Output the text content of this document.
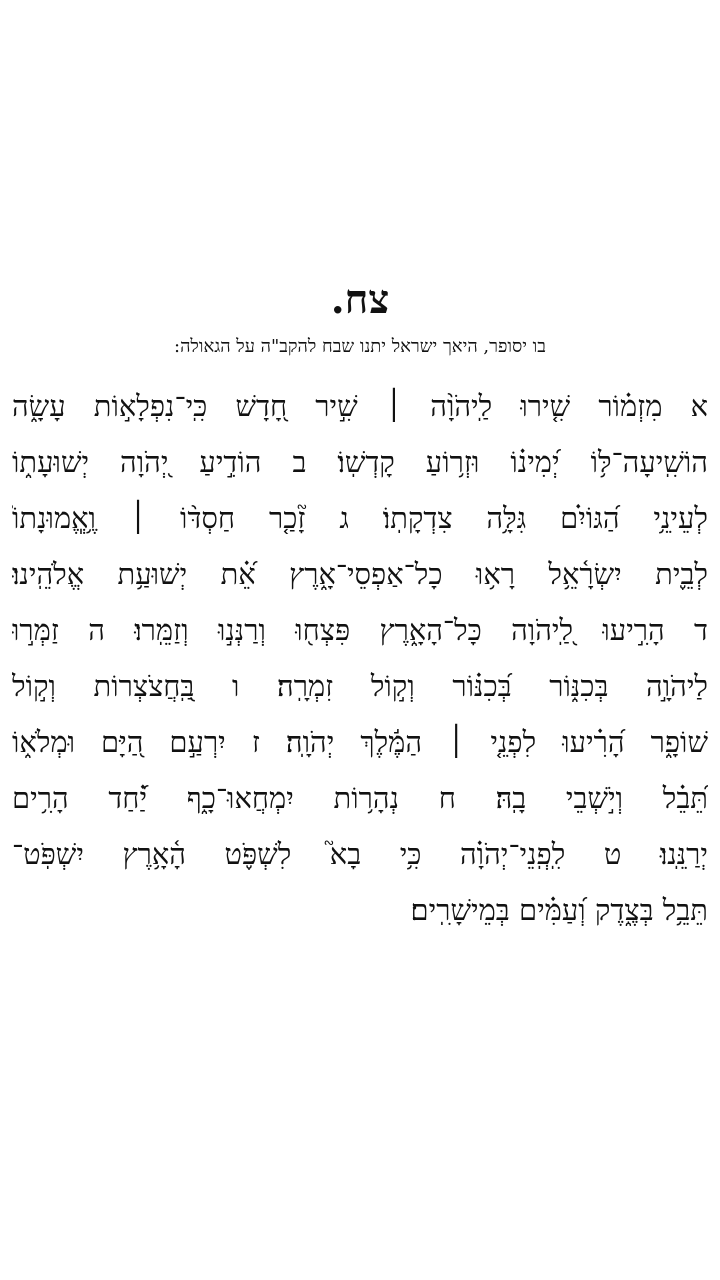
צח.

בו יסופר, היאך ישראל יתנו שבח להקב"ה על הגאולה:

א מִזְמ֗וֹר שִׁ֤ירוּ לַֽיהֹוָ֨ה ׀ שִׁ֣יר חָ֭דָשׁ כִּֽי־נִפְלָא֣וֹת עָשָׂ֑ה
הוֹשִֽׁיעָה־לּ֥וֹ יְ֝מִינ֗וֹ וּזְר֥וֹעַ קָדְשֽׁוֹ׃ ב הוֹדִ֣יעַ יְ֭הֹוָה יְשׁוּעָת֑וֹ
לְעֵינֵ֥י הַ֝גּוֹיִ֗ם גִּלָּ֥ה צִדְקָתֽוֹ׃ ג זָ֘כַ֤ר חַסְדּ֨וֹ ׀ וֶ֥אֱֽמוּנָתוֹ֮
לְבֵ֪ית יִשְׂרָ֫אֵ֥ל רָא֥וּ כָל־אַפְסֵי־אָ֑רֶץ אֵ֝֗ת יְשׁוּעַ֥ת אֱלֹהֵֽינוּ׃
ד הָרִ֣יעוּ לַֽ֭יהֹוָה כָּל־הָאָ֑רֶץ פִּצְח֖וּ וְרַנְּנ֣וּ וְזַמֵּֽרוּ׃ ה זַמְּר֣וּ
לַיהֹוָ֣ה בְּכִנּ֑וֹר בְּ֝כִנּ֗וֹר וְק֣וֹל זִמְרָֽה׃ ו בַּֽ֭חֲצֹצְרוֹת וְק֣וֹל
שׁוֹפָ֑ר הָ֝רִ֗יעוּ לִפְנֵ֤י ׀ הַמֶּ֬לֶךְ יְהֹוָֽה׃ ז יִרְעַ֣ם הַ֭יָּם וּמְלֹא֑וֹ
תֵּ֝בֵ֗ל וְיֹ֣שְׁבֵי בָֽהּ׃ ח נְהָר֥וֹת יִמְחֲאוּ־כָ֑ף יַ֝֗חַד הָרִ֥ים
יְרַנֵּֽנוּ׃ ט לִֽפְֽנֵי־יְהֹוָ֗ה כִּ֥י בָא֮ לִשְׁפֹּ֢ט הָ֫אָ֥רֶץ יִשְׁפֹּֽט־
תֵּבֵ֥ל בְּצֶ֑דֶק וְ֝עַמִּ֗ים בְּמֵישָׁרִֽים׃
